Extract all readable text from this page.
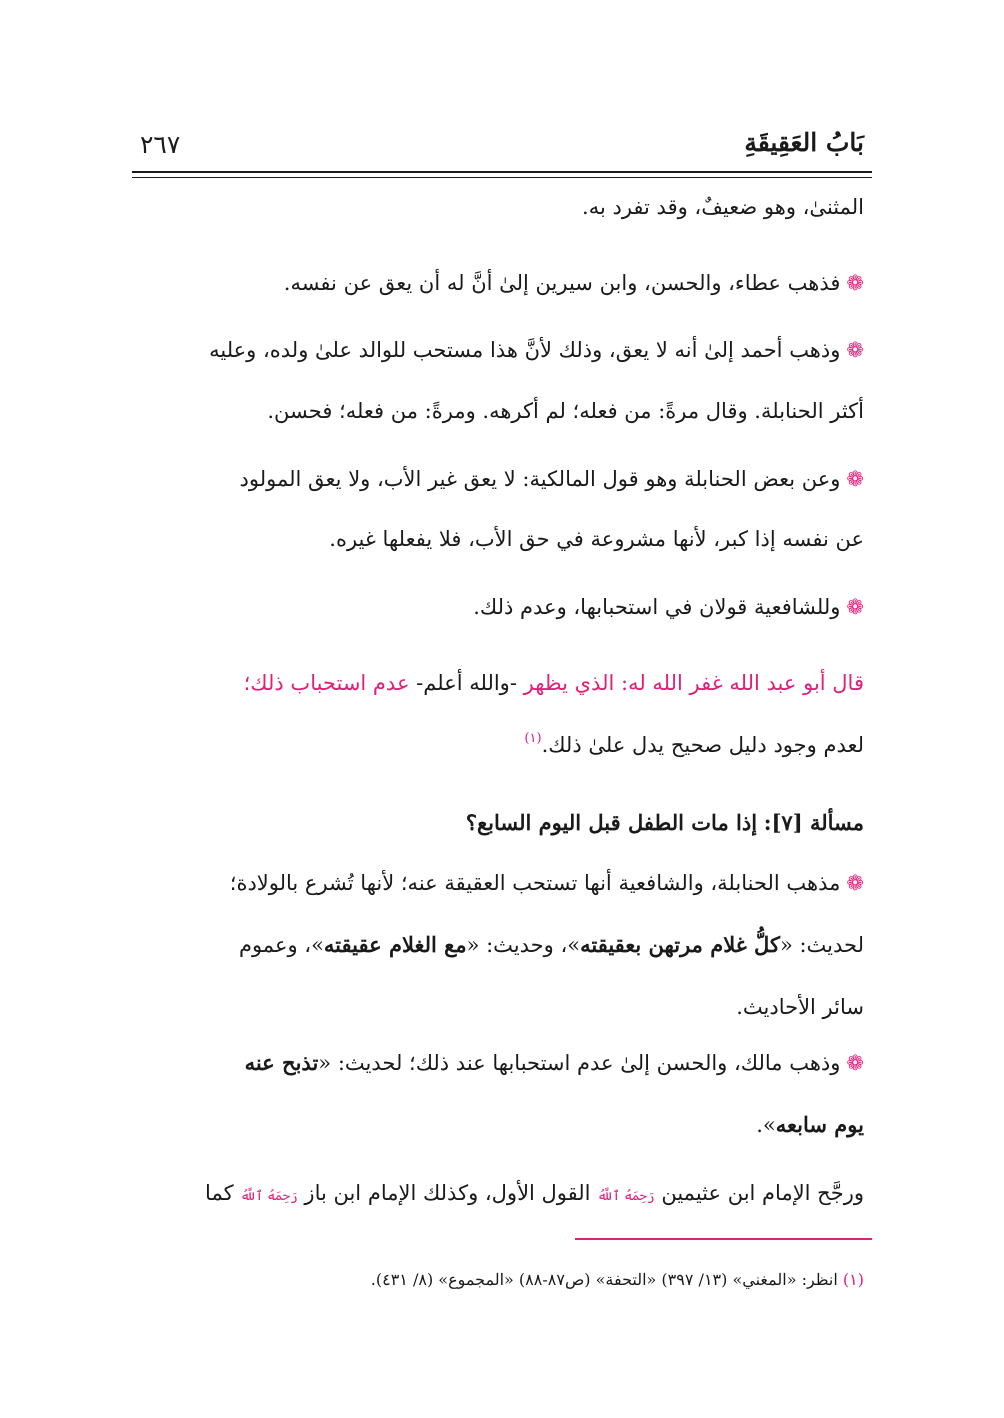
بَابُ العَقِيقَةِ
٢٦٧
المثنىٰ، وهو ضعيفٌ، وقد تفرد به.
❁فذهب عطاء، والحسن، وابن سيرين إلىٰ أنَّ له أن يعق عن نفسه.
❁وذهب أحمد إلىٰ أنه لا يعق، وذلك لأنَّ هذا مستحب للوالد علىٰ ولده، وعليه
أكثر الحنابلة. وقال مرةً: من فعله؛ لم أكرهه. ومرةً: من فعله؛ فحسن.
❁وعن بعض الحنابلة وهو قول المالكية: لا يعق غير الأب، ولا يعق المولود
عن نفسه إذا كبر، لأنها مشروعة في حق الأب، فلا يفعلها غيره.
❁وللشافعية قولان في استحبابها، وعدم ذلك.
قال أبو عبد الله غفر الله له: الذي يظهر -والله أعلم- عدم استحباب ذلك؛
لعدم وجود دليل صحيح يدل علىٰ ذلك.$^{(١)}$
مسألة [٧]: إذا مات الطفل قبل اليوم السابع؟
❁مذهب الحنابلة، والشافعية أنها تستحب العقيقة عنه؛ لأنها تُشرع بالولادة؛
لحديث: «كلُّ غلام مرتهن بعقيقته»، وحديث: «مع الغلام عقيقته»، وعموم
سائر الأحاديث.
❁وذهب مالك، والحسن إلىٰ عدم استحبابها عند ذلك؛ لحديث: «تذبح عنه
يوم سابعه».
ورجَّح الإمام ابن عثيمين رَحِمَهُ ٱللَّهُ القول الأول، وكذلك الإمام ابن باز رَحِمَهُ ٱللَّهُ كما
(١) انظر: «المغني» (١٣/ ٣٩٧) «التحفة» (ص٨٧-٨٨) «المجموع» (٨/ ٤٣١).
